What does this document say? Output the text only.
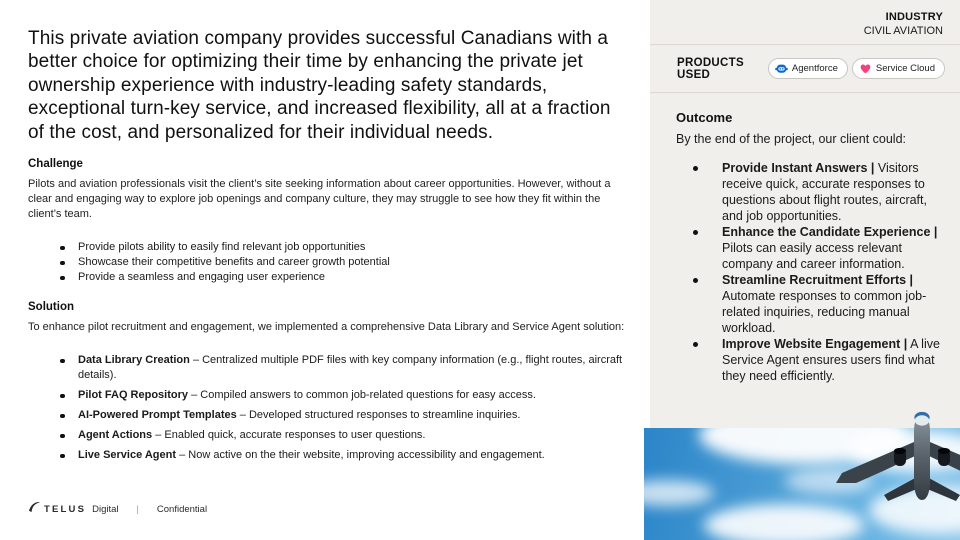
This private aviation company provides successful Canadians with a better choice for optimizing their time by enhancing the private jet ownership experience with industry-leading safety standards, exceptional turn-key service, and increased flexibility, all at a fraction of the cost, and personalized for their individual needs.

Challenge

Pilots and aviation professionals visit the client’s site seeking information about career opportunities. However, without a clear and engaging way to explore job openings and company culture, they may struggle to see how they fit within the client’s team.

Provide pilots ability to easily find relevant job opportunities
Showcase their competitive benefits and career growth potential
Provide a seamless and engaging user experience
Solution

To enhance pilot recruitment and engagement, we implemented a comprehensive Data Library and Service Agent solution:

Data Library Creation – Centralized multiple PDF files with key company information (e.g., flight routes, aircraft details).
Pilot FAQ Repository – Compiled answers to common job-related questions for easy access.
AI-Powered Prompt Templates – Developed structured responses to streamline inquiries.
Agent Actions – Enabled quick, accurate responses to user questions.
Live Service Agent – Now active on the their website, improving accessibility and engagement.
INDUSTRY
CIVIL AVIATION
PRODUCTS USED	Agentforce	Service Cloud
Outcome

By the end of the project, our client could:

Provide Instant Answers | Visitors receive quick, accurate responses to questions about flight routes, aircraft, and job opportunities.
Enhance the Candidate Experience | Pilots can easily access relevant company and career information.
Streamline Recruitment Efforts | Automate responses to common job-related inquiries, reducing manual workload.
Improve Website Engagement | A live Service Agent ensures users find what they need efficiently.
TELUS Digital | Confidential
